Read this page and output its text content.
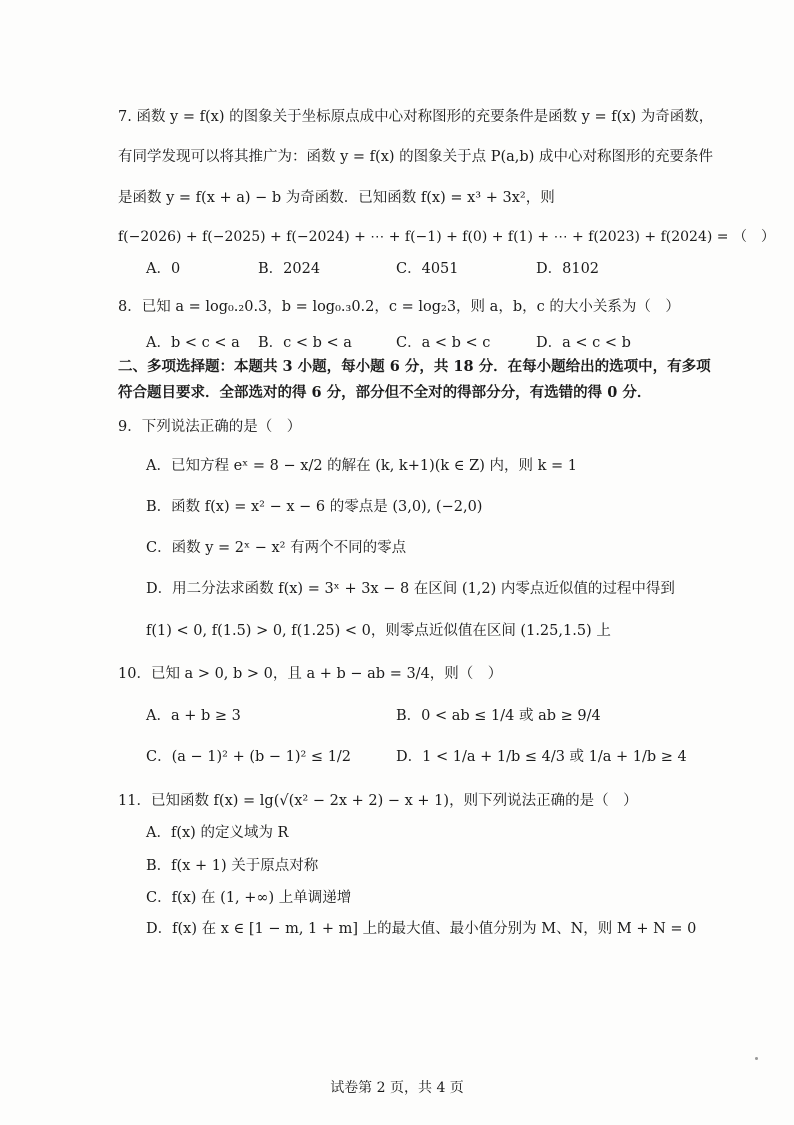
7. 函数 y = f(x) 的图象关于坐标原点成中心对称图形的充要条件是函数 y = f(x) 为奇函数，
有同学发现可以将其推广为：函数 y = f(x) 的图象关于点 P(a,b) 成中心对称图形的充要条件
是函数 y = f(x + a) − b 为奇函数．已知函数 f(x) = x³ + 3x²，则
f(−2026) + f(−2025) + f(−2024) + ⋯ + f(−1) + f(0) + f(1) + ⋯ + f(2023) + f(2024) = （　）
A．0	B．2024	C．4051	D．8102
8．已知 a = log₀.₂0.3，b = log₀.₃0.2，c = log₂3，则 a，b，c 的大小关系为（　）
A．b < c < a B．c < b < a	C．a < b < c	D．a < c < b
二、多项选择题：本题共 3 小题，每小题 6 分，共 18 分．在每小题给出的选项中，有多项
符合题目要求．全部选对的得 6 分，部分但不全对的得部分分，有选错的得 0 分．
9．下列说法正确的是（　）
A．已知方程 eˣ = 8 − x/2 的解在 (k, k+1)(k ∈ Z) 内，则 k = 1
B．函数 f(x) = x² − x − 6 的零点是 (3,0), (−2,0)
C．函数 y = 2ˣ − x² 有两个不同的零点
D．用二分法求函数 f(x) = 3ˣ + 3x − 8 在区间 (1,2) 内零点近似值的过程中得到
f(1) < 0, f(1.5) > 0, f(1.25) < 0，则零点近似值在区间 (1.25,1.5) 上
10．已知 a > 0, b > 0，且 a + b − ab = 3/4，则（　）
A．a + b ≥ 3	B．0 < ab ≤ 1/4 或 ab ≥ 9/4
C．(a − 1)² + (b − 1)² ≤ 1/2	D．1 < 1/a + 1/b ≤ 4/3 或 1/a + 1/b ≥ 4
11．已知函数 f(x) = lg(√(x² − 2x + 2) − x + 1)，则下列说法正确的是（　）
A．f(x) 的定义域为 R
B．f(x + 1) 关于原点对称
C．f(x) 在 (1, +∞) 上单调递增
D．f(x) 在 x ∈ [1 − m, 1 + m] 上的最大值、最小值分别为 M、N，则 M + N = 0
试卷第 2 页，共 4 页
